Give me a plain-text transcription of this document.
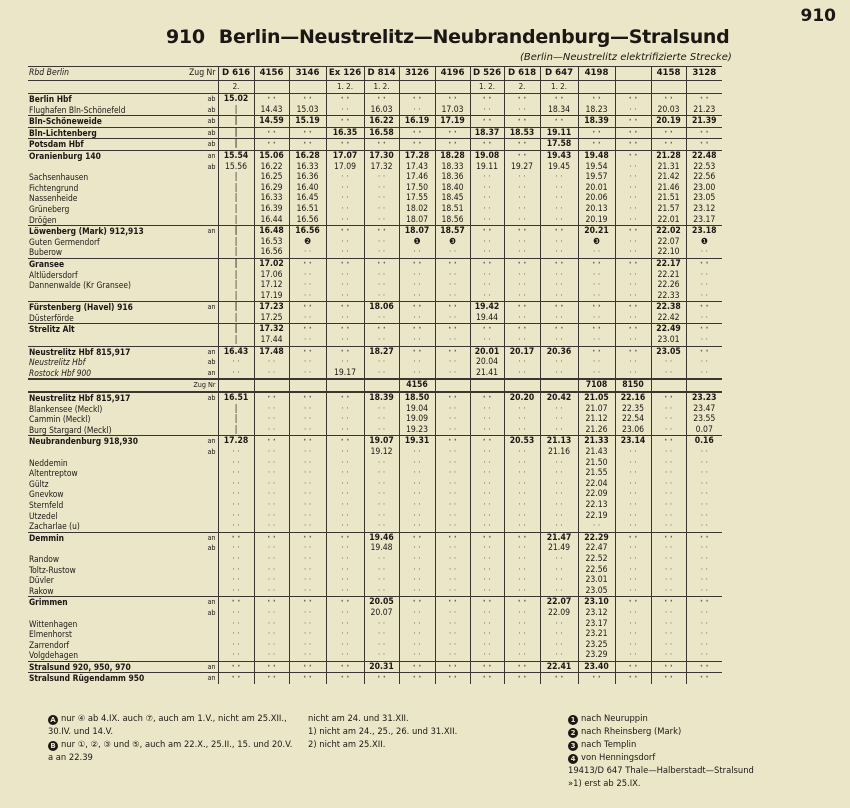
910
910 Berlin—Neustrelitz—Neubrandenburg—Stralsund
(Berlin—Neustrelitz elektrifizierte Strecke)
Rbd Berlin	Zug Nr	D 616	4156	3146	Ex 126	D 814	3126	4196	D 526	D 618	D 647	4198		4158	3128
		2.			1. 2.	1. 2.			1. 2.	2.	1. 2.				
Berlin Hbf	ab	15.02	· ·	· ·	· ·	· ·	· ·	· ·	· ·	· ·	· ·	· ·	· ·	· ·	· ·
Flughafen Bln-Schönefeld	ab	|	14.43	15.03	· ·	16.03	· ·	17.03	· ·	· ·	18.34	18.23	· ·	20.03	21.23
Bln-Schöneweide	ab	|	14.59	15.19	· ·	16.22	16.19	17.19	· ·	· ·	· ·	18.39	· ·	20.19	21.39
Bln-Lichtenberg	ab	|	· ·	· ·	16.35	16.58	· ·	· ·	18.37	18.53	19.11	· ·	· ·	· ·	· ·
Potsdam Hbf	ab	|	· ·	· ·	· ·	· ·	· ·	· ·	· ·	· ·	17.58	· ·	· ·	· ·	· ·
Oranienburg 140	an	15.54	15.06	16.28	17.07	17.30	17.28	18.28	19.08	· ·	19.43	19.48	· ·	21.28	22.48
	ab	15.56	16.22	16.33	17.09	17.32	17.43	18.33	19.11	19.27	19.45	19.54	· ·	21.31	22.53
Sachsenhausen		|	16.25	16.36	· ·	· ·	17.46	18.36	· ·	· ·	· ·	19.57	· ·	21.42	22.56
Fichtengrund		|	16.29	16.40	· ·	· ·	17.50	18.40	· ·	· ·	· ·	20.01	· ·	21.46	23.00
Nassenheide		|	16.33	16.45	· ·	· ·	17.55	18.45	· ·	· ·	· ·	20.06	· ·	21.51	23.05
Grüneberg		|	16.39	16.51	· ·	· ·	18.02	18.51	· ·	· ·	· ·	20.13	· ·	21.57	23.12
Dröğen		|	16.44	16.56	· ·	· ·	18.07	18.56	· ·	· ·	· ·	20.19	· ·	22.01	23.17
Löwenberg (Mark) 912,913	an	|	16.48	16.56	· ·	· ·	18.07	18.57	· ·	· ·	· ·	20.21	· ·	22.02	23.18
Guten Germendorf		|	16.53	❷	· ·	· ·	❶	❸	· ·	· ·	· ·	❸	· ·	22.07	❶
Buberow		|	16.56	· ·	· ·	· ·	· ·	· ·	· ·	· ·	· ·	· ·	· ·	22.10	· ·
Gransee		|	17.02	· ·	· ·	· ·	· ·	· ·	· ·	· ·	· ·	· ·	· ·	22.17	· ·
Altlüdersdorf		|	17.06	· ·	· ·	· ·	· ·	· ·	· ·	· ·	· ·	· ·	· ·	22.21	· ·
Dannenwalde (Kr Gransee)		|	17.12	· ·	· ·	· ·	· ·	· ·	· ·	· ·	· ·	· ·	· ·	22.26	· ·
		|	17.19	· ·	· ·	· ·	· ·	· ·	· ·	· ·	· ·	· ·	· ·	22.33	· ·
Fürstenberg (Havel) 916	an	|	17.23	· ·	· ·	18.06	· ·	· ·	19.42	· ·	· ·	· ·	· ·	22.38	· ·
Düsterförde		|	17.25	· ·	· ·	· ·	· ·	· ·	19.44	· ·	· ·	· ·	· ·	22.42	· ·
Strelitz Alt		|	17.32	· ·	· ·	· ·	· ·	· ·	· ·	· ·	· ·	· ·	· ·	22.49	· ·
		|	17.44	· ·	· ·	· ·	· ·	· ·	· ·	· ·	· ·	· ·	· ·	23.01	· ·
Neustrelitz Hbf 815,917	an	16.43	17.48	· ·	· ·	18.27	· ·	· ·	20.01	20.17	20.36	· ·	· ·	23.05	· ·
Neustrelitz Hbf	ab	· ·	· ·	· ·	· ·	· ·	· ·	· ·	20.04	· ·	· ·	· ·	· ·	· ·	· ·
Rostock Hbf 900	an	· ·	· ·	· ·	19.17	· ·	· ·	· ·	21.41	· ·	· ·	· ·	· ·	· ·	· ·
	Zug Nr						4156					7108	8150		
Neustrelitz Hbf 815,917	ab	16.51	· ·	· ·	· ·	18.39	18.50	· ·	· ·	20.20	20.42	21.05	22.16	· ·	23.23
Blankensee (Meckl)		|	· ·	· ·	· ·	· ·	19.04	· ·	· ·	· ·	· ·	21.07	22.35	· ·	23.47
Cammin (Meckl)		|	· ·	· ·	· ·	· ·	19.09	· ·	· ·	· ·	· ·	21.12	22.54	· ·	23.55
Burg Stargard (Meckl)		|	· ·	· ·	· ·	· ·	19.23	· ·	· ·	· ·	· ·	21.26	23.06	· ·	0.07
Neubrandenburg 918,930	an	17.28	· ·	· ·	· ·	19.07	19.31	· ·	· ·	20.53	21.13	21.33	23.14	· ·	0.16
	ab	· ·	· ·	· ·	· ·	19.12	· ·	· ·	· ·	· ·	21.16	21.43	· ·	· ·	· ·
Neddemin		· ·	· ·	· ·	· ·	· ·	· ·	· ·	· ·	· ·	· ·	21.50	· ·	· ·	· ·
Altentreptow		· ·	· ·	· ·	· ·	· ·	· ·	· ·	· ·	· ·	· ·	21.55	· ·	· ·	· ·
Gültz		· ·	· ·	· ·	· ·	· ·	· ·	· ·	· ·	· ·	· ·	22.04	· ·	· ·	· ·
Gnevkow		· ·	· ·	· ·	· ·	· ·	· ·	· ·	· ·	· ·	· ·	22.09	· ·	· ·	· ·
Sternfeld		· ·	· ·	· ·	· ·	· ·	· ·	· ·	· ·	· ·	· ·	22.13	· ·	· ·	· ·
Utzedel		· ·	· ·	· ·	· ·	· ·	· ·	· ·	· ·	· ·	· ·	22.19	· ·	· ·	· ·
Zacharlae (u)		· ·	· ·	· ·	· ·	· ·	· ·	· ·	· ·	· ·	· ·	· ·	· ·	· ·	· ·
Demmin	an	· ·	· ·	· ·	· ·	19.46	· ·	· ·	· ·	· ·	21.47	22.29	· ·	· ·	· ·
	ab	· ·	· ·	· ·	· ·	19.48	· ·	· ·	· ·	· ·	21.49	22.47	· ·	· ·	· ·
Randow		· ·	· ·	· ·	· ·	· ·	· ·	· ·	· ·	· ·	· ·	22.52	· ·	· ·	· ·
Toltz-Rustow		· ·	· ·	· ·	· ·	· ·	· ·	· ·	· ·	· ·	· ·	22.56	· ·	· ·	· ·
Düvler		· ·	· ·	· ·	· ·	· ·	· ·	· ·	· ·	· ·	· ·	23.01	· ·	· ·	· ·
Rakow		· ·	· ·	· ·	· ·	· ·	· ·	· ·	· ·	· ·	· ·	23.05	· ·	· ·	· ·
Grimmen	an	· ·	· ·	· ·	· ·	20.05	· ·	· ·	· ·	· ·	22.07	23.10	· ·	· ·	· ·
	ab	· ·	· ·	· ·	· ·	20.07	· ·	· ·	· ·	· ·	22.09	23.12	· ·	· ·	· ·
Wittenhagen		· ·	· ·	· ·	· ·	· ·	· ·	· ·	· ·	· ·	· ·	23.17	· ·	· ·	· ·
Elmenhorst		· ·	· ·	· ·	· ·	· ·	· ·	· ·	· ·	· ·	· ·	23.21	· ·	· ·	· ·
Zarrendorf		· ·	· ·	· ·	· ·	· ·	· ·	· ·	· ·	· ·	· ·	23.25	· ·	· ·	· ·
Volgdehagen		· ·	· ·	· ·	· ·	· ·	· ·	· ·	· ·	· ·	· ·	23.29	· ·	· ·	· ·
Stralsund 920, 950, 970	an	· ·	· ·	· ·	· ·	20.31	· ·	· ·	· ·	· ·	22.41	23.40	· ·	· ·	· ·
Stralsund Rügendamm 950	an	· ·	· ·	· ·	· ·	· ·	· ·	· ·	· ·	· ·	· ·	· ·	· ·	· ·	· ·
A nur ④ ab 4.IX. auch ⑦, auch am 1.V., nicht am 25.XII., 30.IV. und 14.V.
B nur ①, ②, ③ und ⑤, auch am 22.X., 25.II., 15. und 20.V.
a an 22.39
nicht am 24. und 31.XII.
1) nicht am 24., 25., 26. und 31.XII.
2) nicht am 25.XII.
1 nach Neuruppin
2 nach Rheinsberg (Mark)
3 nach Templin
4 von Henningsdorf
19413/D 647 Thale—Halberstadt—Stralsund
»1) erst ab 25.IX.
